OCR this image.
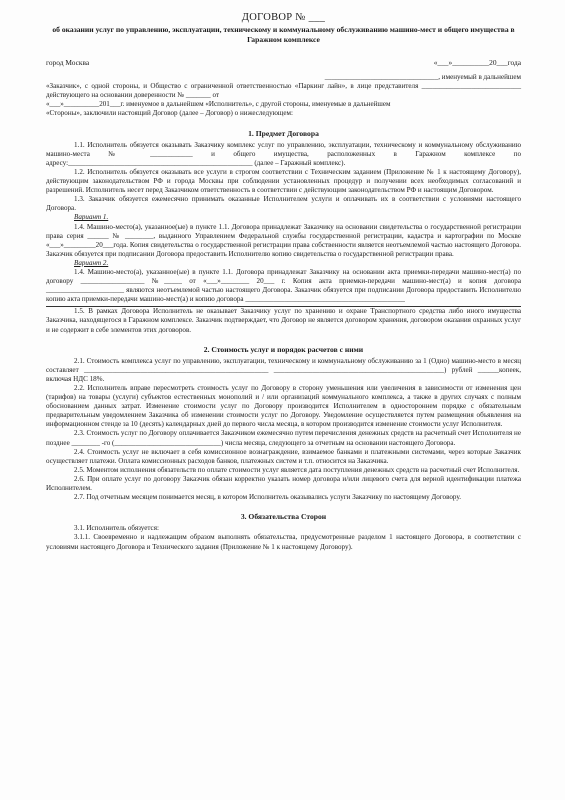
ДОГОВОР № ___
об оказании услуг по управлению, эксплуатации, техническому и коммунальному обслуживанию машино-мест и общего имущества в Гаражном комплексе
город Москва	«___»__________20___года

________________________________, именуемый в дальнейшем

«Заказчик», с одной стороны, и Общество с ограниченной ответственностью «Паркинг лайн», в лице представителя ____________________________ действующего на основании доверенности № _______ от

«___»__________201___г. именуемое в дальнейшем «Исполнитель», с другой стороны, именуемые в дальнейшем

«Стороны», заключили настоящий Договор (далее – Договор) о нижеследующем:

1. Предмет Договора

1.1. Исполнитель обязуется оказывать Заказчику комплекс услуг по управлению, эксплуатации, техническому и коммунальному обслуживанию машино-места № ____________ и общего имущества, расположенных в Гаражном комплексе по адресу:____________________________________________________ (далее – Гаражный комплекс).

1.2. Исполнитель обязуется оказывать все услуги в строгом соответствии с Техническим заданием (Приложение № 1 к настоящему Договору), действующим законодательством РФ и города Москвы при соблюдении установленных процедур и получении всех необходимых согласований и разрешений. Исполнитель несет перед Заказчиком ответственность в соответствии с действующим законодательством РФ и настоящим Договором.

1.3. Заказчик обязуется ежемесячно принимать оказанные Исполнителем услуги и оплачивать их в соответствии с условиями настоящего Договора.

Вариант 1.

1.4. Машино-место(а), указанное(ые) в пункте 1.1. Договора принадлежат Заказчику на основании свидетельства о государственной регистрации права серия ______ № ________, выданного Управлением Федеральной службы государственной регистрации, кадастра и картографии по Москве «___»_________20___года. Копия свидетельства о государственной регистрации права собственности является неотъемлемой частью настоящего Договора. Заказчик обязуется при подписании Договора предоставить Исполнителю копию свидетельства о государственной регистрации права.

Вариант 2.

1.4. Машино-место(а), указанное(ые) в пункте 1.1. Договора принадлежат Заказчику на основании акта приемки-передачи машино-мест(а) по договору __________________ №_____ от «___»________ 20___ г. Копия акта приемки-передачи машино-мест(а) и копия договора ______________________ являются неотъемлемой частью настоящего Договора. Заказчик обязуется при подписании Договора предоставить Исполнителю копию акта приемки-передачи машино-мест(а) и копию договора _____________________________________________

1.5. В рамках Договора Исполнитель не оказывает Заказчику услуг по хранению и охране Транспортного средства либо иного имущества Заказчика, находящегося в Гаражном комплексе. Заказчик подтверждает, что Договор не является договором хранения, договором оказания охранных услуг и не содержит в себе элементов этих договоров.

2. Стоимость услуг и порядок расчетов с ними

2.1. Стоимость комплекса услуг по управлению, эксплуатации, техническому и коммунальному обслуживанию за 1 (Одно) машино-место в месяц составляет ____________________________________________________ ________________________________________________) рублей ______копеек, включая НДС 18%.

2.2. Исполнитель вправе пересмотреть стоимость услуг по Договору в сторону уменьшения или увеличения в зависимости от изменения цен (тарифов) на товары (услуги) субъектов естественных монополий и / или организаций коммунального комплекса, а также в других случаях с полным обоснованием данных затрат. Изменение стоимости услуг по Договору производится Исполнителем в одностороннем порядке с обязательным предварительным уведомлением Заказчика об изменении стоимости услуг по Договору. Уведомление осуществляется путем размещения объявления на информационном стенде за 10 (десять) календарных дней до первого числа месяца, в котором производится изменение стоимости услуг Исполнителя.

2.3. Стоимость услуг по Договору оплачивается Заказчиком ежемесячно путем перечисления денежных средств на расчетный счет Исполнителя не позднее ________ -го (______________________________) числа месяца, следующего за отчетным на основании настоящего Договора.

2.4. Стоимость услуг не включает в себя комиссионное вознаграждение, взимаемое банками и платежными системами, через которые Заказчик осуществляет платежи. Оплата комиссионных расходов банков, платежных систем и т.п. относится на Заказчика.

2.5. Моментом исполнения обязательств по оплате стоимости услуг является дата поступления денежных средств на расчетный счет Исполнителя.

2.6. При оплате услуг по договору Заказчик обязан корректно указать номер договора и/или лицевого счета для верной идентификации платежа Исполнителем.

2.7. Под отчетным месяцем понимается месяц, в котором Исполнитель оказывались услуги Заказчику по настоящему Договору.

3. Обязательства Сторон

3.1. Исполнитель обязуется:

3.1.1. Своевременно и надлежащим образом выполнять обязательства, предусмотренные разделом 1 настоящего Договора, в соответствии с условиями настоящего Договора и Технического задания (Приложение № 1 к настоящему Договору).
